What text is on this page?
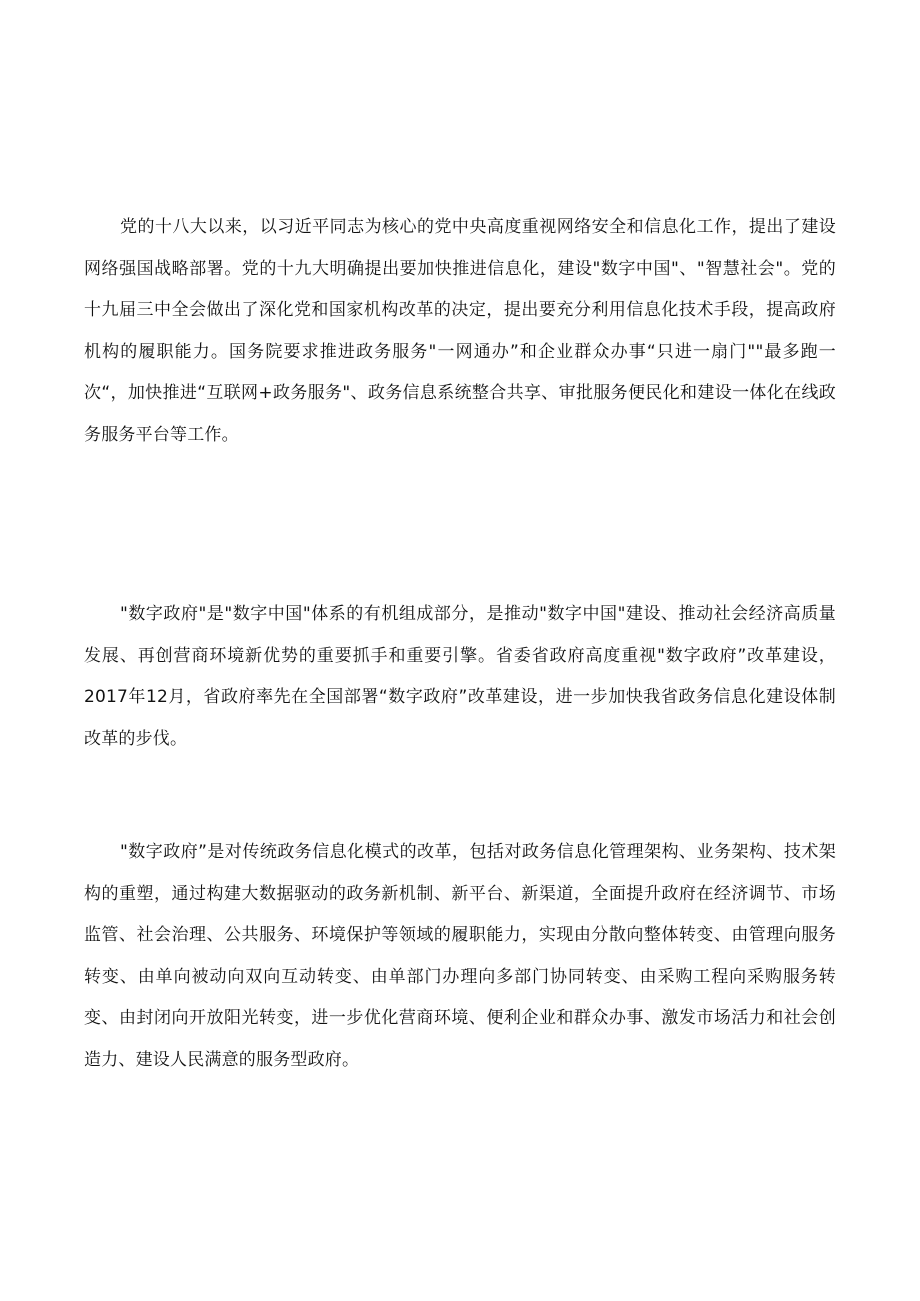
党的十八大以来，以习近平同志为核心的党中央高度重视网络安全和信息化工作，提出了建设网络强国战略部署。党的十九大明确提出要加快推进信息化，建设"数字中国"、"智慧社会"。党的十九届三中全会做出了深化党和国家机构改革的决定，提出要充分利用信息化技术手段，提高政府机构的履职能力。国务院要求推进政务服务"一网通办”和企业群众办事“只进一扇门""最多跑一次“，加快推进“互联网+政务服务"、政务信息系统整合共享、审批服务便民化和建设一体化在线政务服务平台等工作。

"数字政府"是"数字中国"体系的有机组成部分，是推动"数字中国"建设、推动社会经济高质量发展、再创营商环境新优势的重要抓手和重要引擎。省委省政府高度重视"数字政府”改革建设，2017年12月，省政府率先在全国部署“数字政府”改革建设，进一步加快我省政务信息化建设体制改革的步伐。

"数字政府”是对传统政务信息化模式的改革，包括对政务信息化管理架构、业务架构、技术架构的重塑，通过构建大数据驱动的政务新机制、新平台、新渠道，全面提升政府在经济调节、市场监管、社会治理、公共服务、环境保护等领域的履职能力，实现由分散向整体转变、由管理向服务转变、由单向被动向双向互动转变、由单部门办理向多部门协同转变、由采购工程向采购服务转变、由封闭向开放阳光转变，进一步优化营商环境、便利企业和群众办事、激发市场活力和社会创造力、建设人民满意的服务型政府。
